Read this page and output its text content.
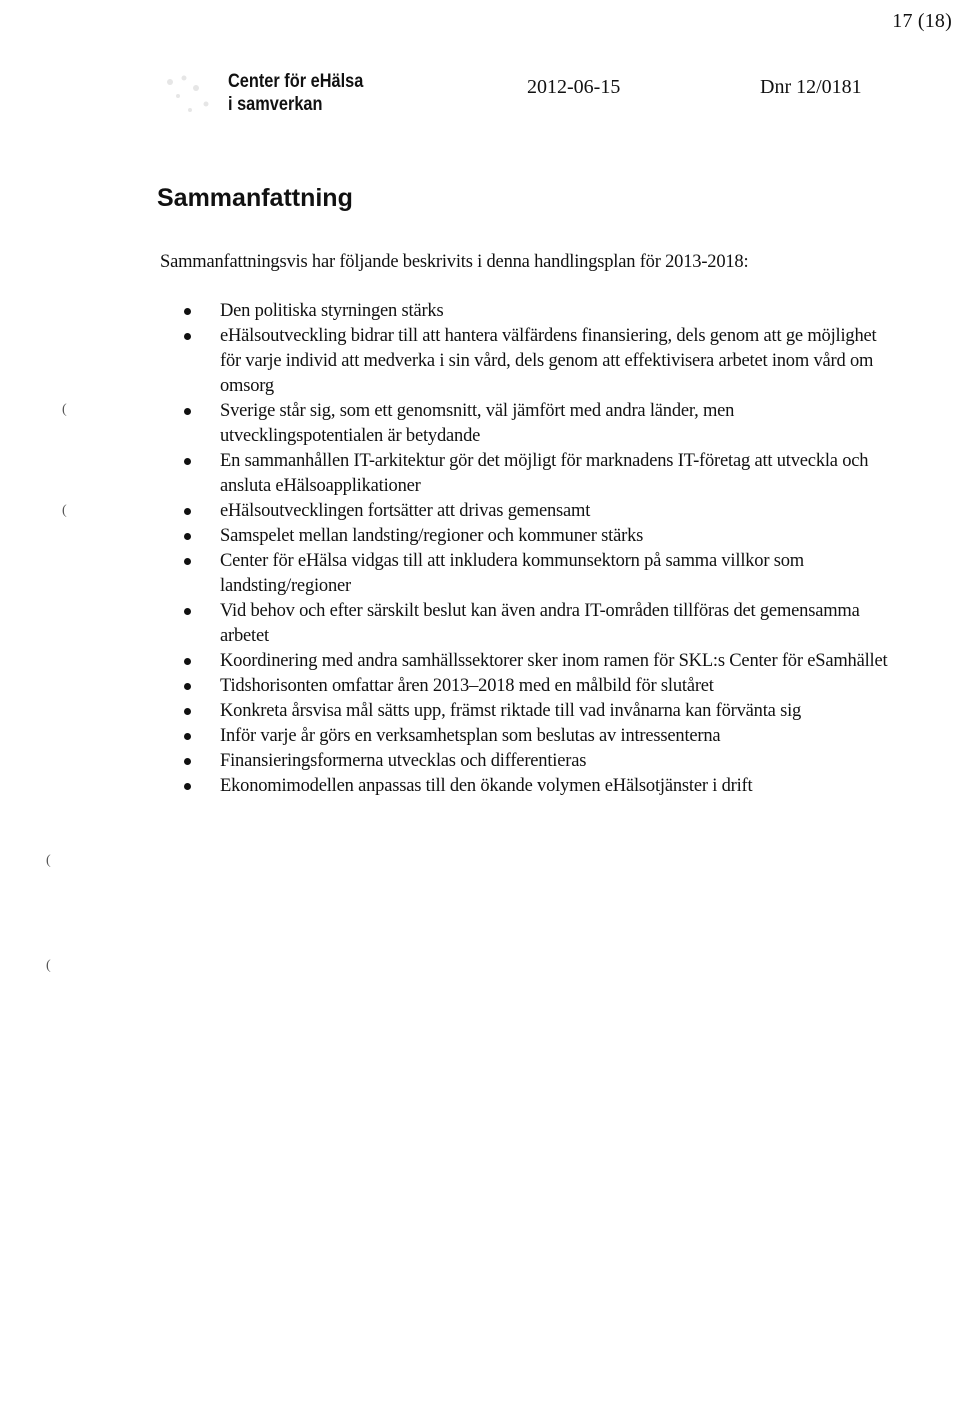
17 (18)
Center för eHälsa
i samverkan
2012-06-15	Dnr 12/0181
Sammanfattning

Sammanfattningsvis har följande beskrivits i denna handlingsplan för 2013-2018:

Den politiska styrningen stärks
eHälsoutveckling bidrar till att hantera välfärdens finansiering, dels genom att ge möjlighet för varje individ att medverka i sin vård, dels genom att effektivisera arbetet inom vård om omsorg
Sverige står sig, som ett genomsnitt, väl jämfört med andra länder, men utvecklingspotentialen är betydande
En sammanhållen IT-arkitektur gör det möjligt för marknadens IT-företag att utveckla och ansluta eHälsoapplikationer
eHälsoutvecklingen fortsätter att drivas gemensamt
Samspelet mellan landsting/regioner och kommuner stärks
Center för eHälsa vidgas till att inkludera kommunsektorn på samma villkor som landsting/regioner
Vid behov och efter särskilt beslut kan även andra IT-områden tillföras det gemensamma arbetet
Koordinering med andra samhällssektorer sker inom ramen för SKL:s Center för eSamhället
Tidshorisonten omfattar åren 2013–2018 med en målbild för slutåret
Konkreta årsvisa mål sätts upp, främst riktade till vad invånarna kan förvänta sig
Inför varje år görs en verksamhetsplan som beslutas av intressenterna
Finansieringsformerna utvecklas och differentieras
Ekonomimodellen anpassas till den ökande volymen eHälsotjänster i drift
(
(
(
(
